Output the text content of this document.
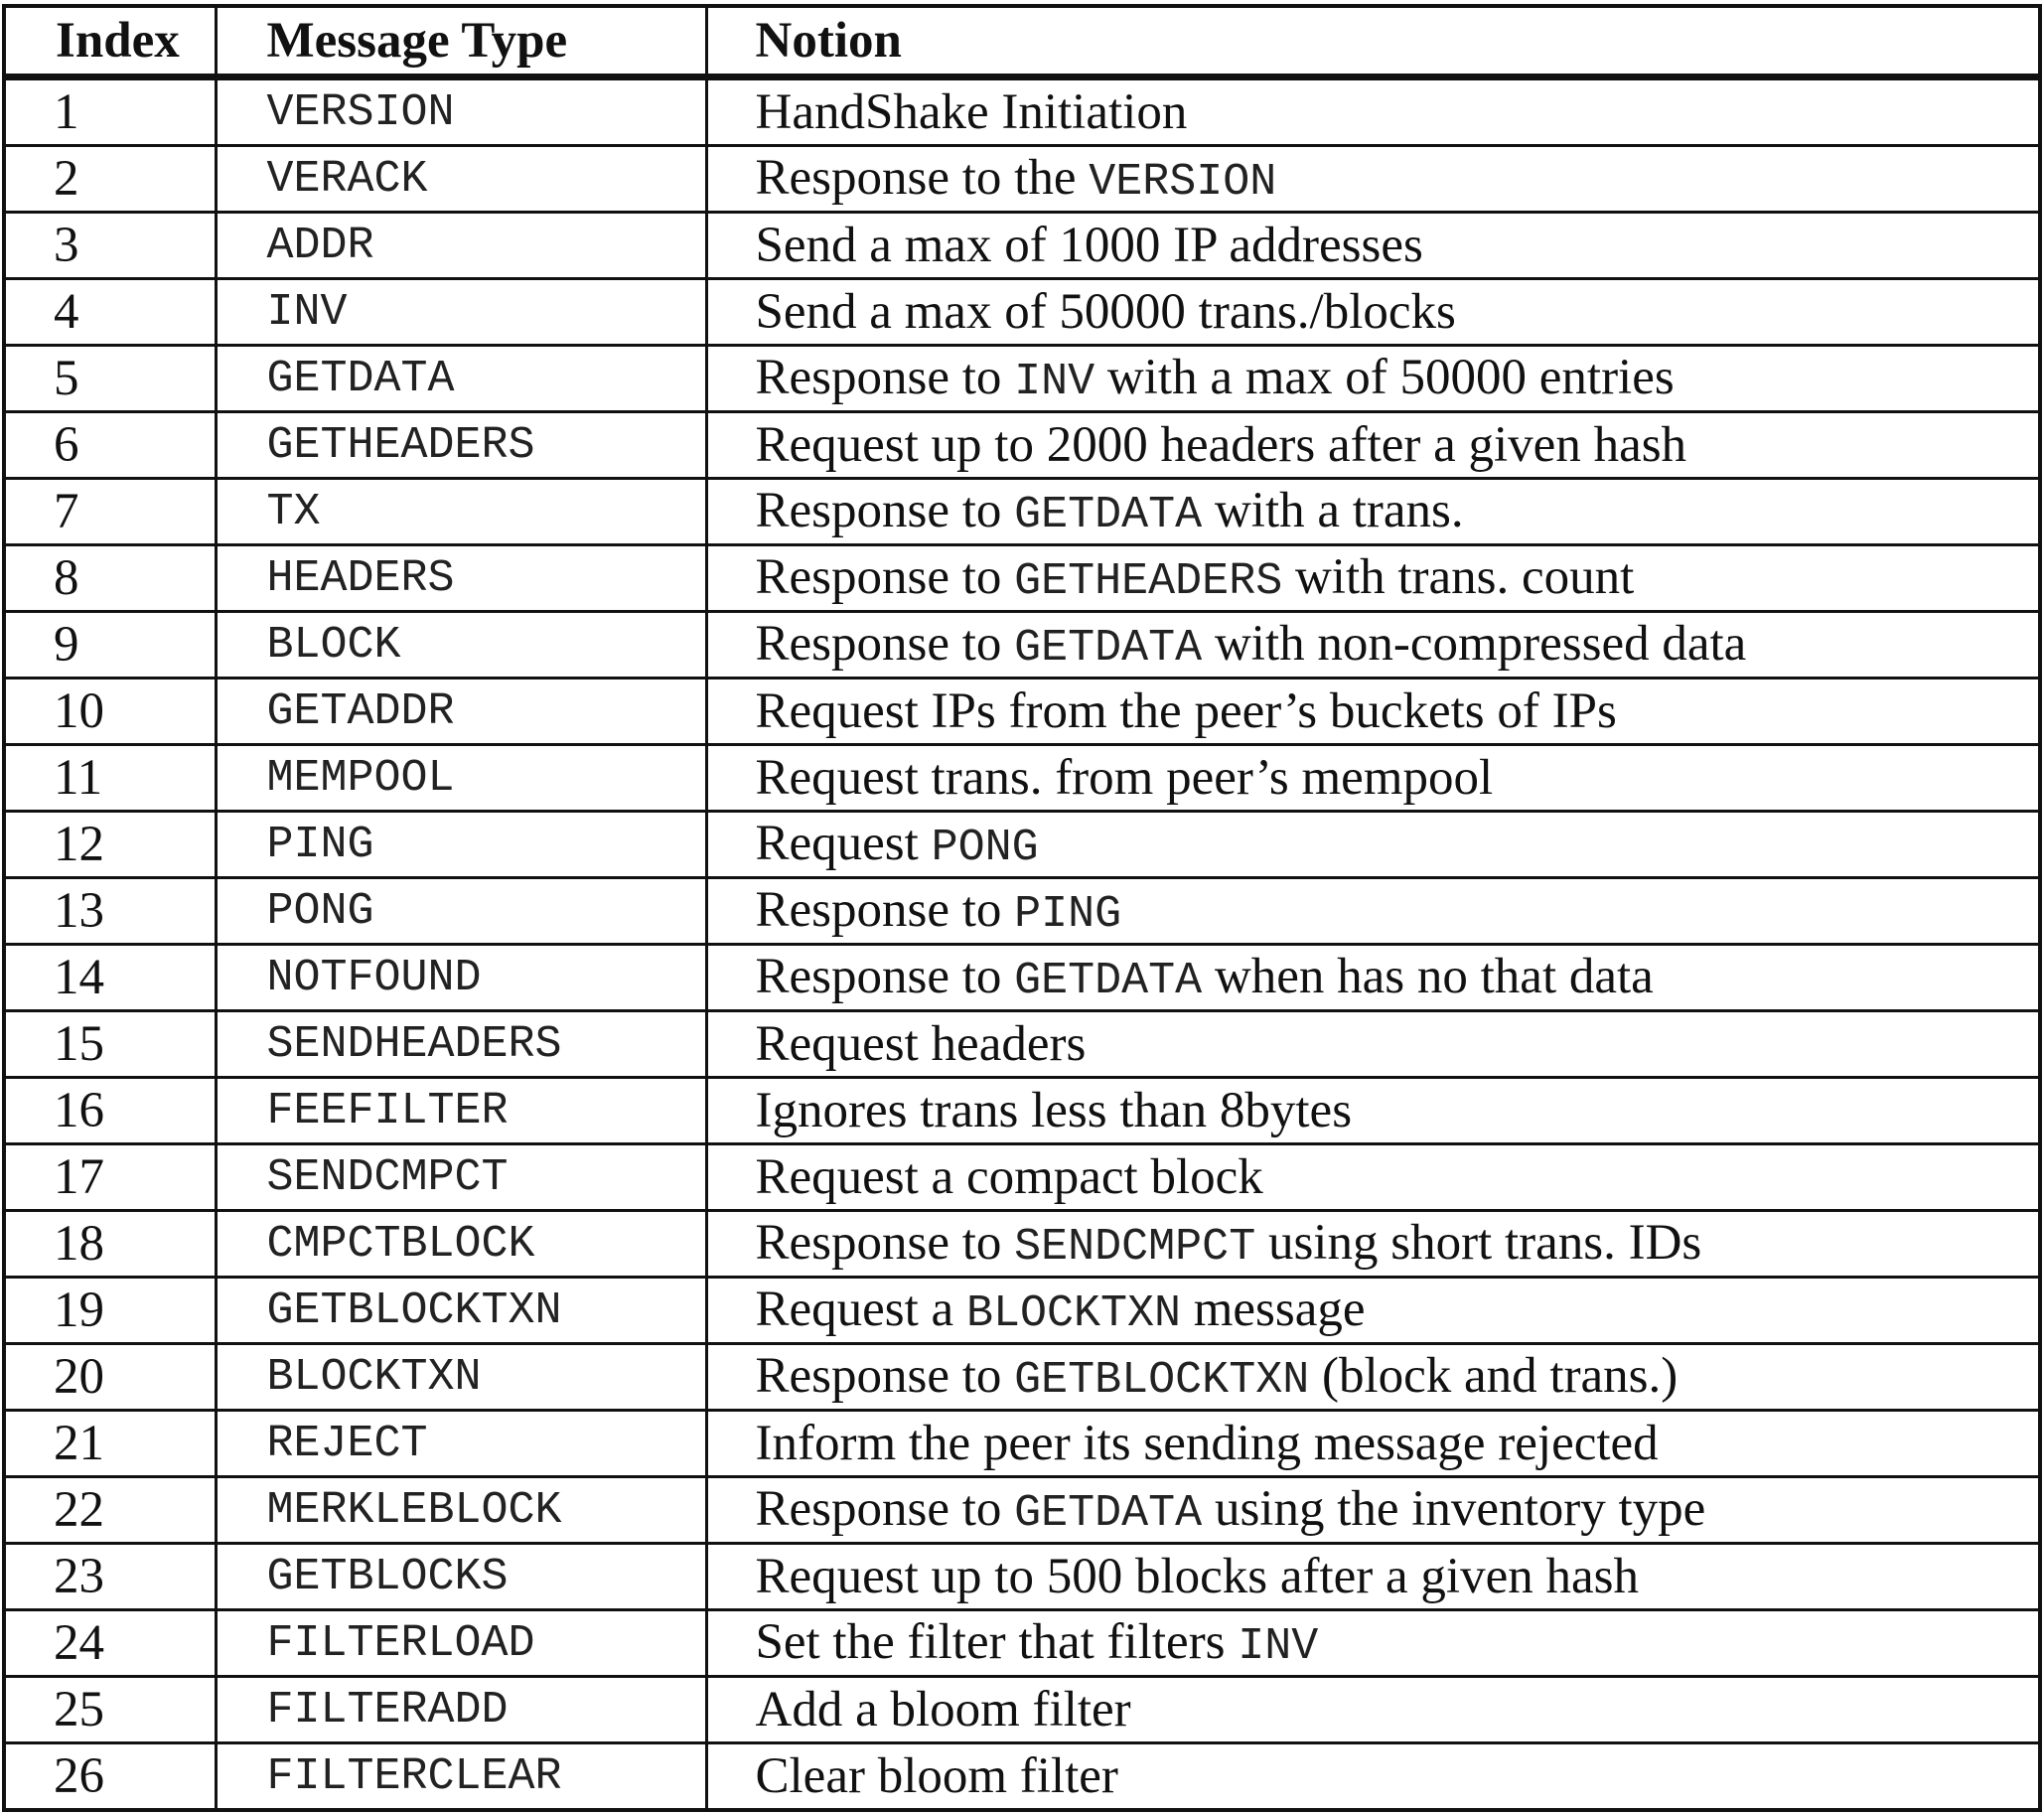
Index	Message Type	Notion
1	VERSION	HandShake Initiation
2	VERACK	Response to the VERSION
3	ADDR	Send a max of 1000 IP addresses
4	INV	Send a max of 50000 trans./blocks
5	GETDATA	Response to INV with a max of 50000 entries
6	GETHEADERS	Request up to 2000 headers after a given hash
7	TX	Response to GETDATA with a trans.
8	HEADERS	Response to GETHEADERS with trans. count
9	BLOCK	Response to GETDATA with non-compressed data
10	GETADDR	Request IPs from the peer’s buckets of IPs
11	MEMPOOL	Request trans. from peer’s mempool
12	PING	Request PONG
13	PONG	Response to PING
14	NOTFOUND	Response to GETDATA when has no that data
15	SENDHEADERS	Request headers
16	FEEFILTER	Ignores trans less than 8bytes
17	SENDCMPCT	Request a compact block
18	CMPCTBLOCK	Response to SENDCMPCT using short trans. IDs
19	GETBLOCKTXN	Request a BLOCKTXN message
20	BLOCKTXN	Response to GETBLOCKTXN (block and trans.)
21	REJECT	Inform the peer its sending message rejected
22	MERKLEBLOCK	Response to GETDATA using the inventory type
23	GETBLOCKS	Request up to 500 blocks after a given hash
24	FILTERLOAD	Set the filter that filters INV
25	FILTERADD	Add a bloom filter
26	FILTERCLEAR	Clear bloom filter
